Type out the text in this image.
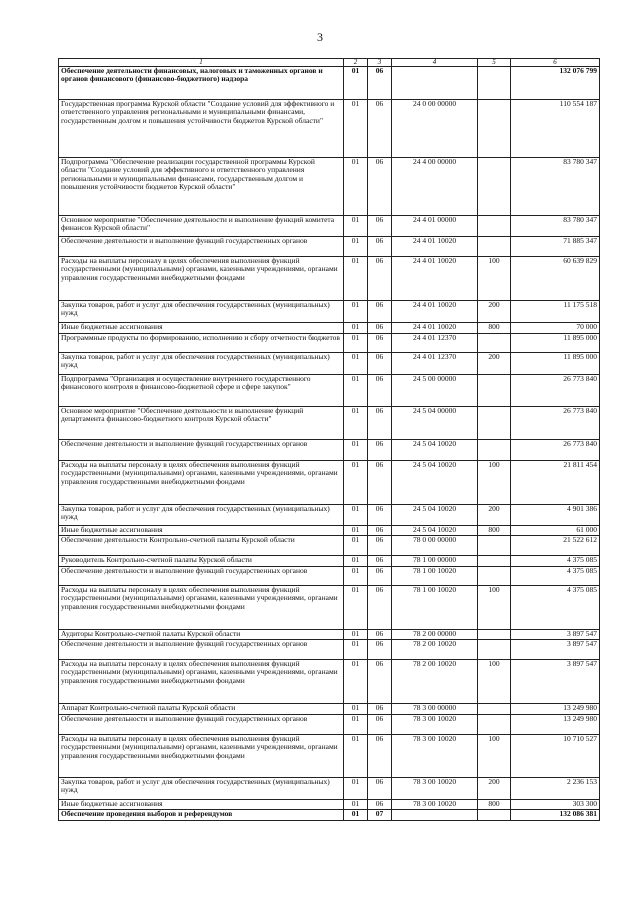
3
1	2	3	4	5	6
Обеспечение деятельности финансовых, налоговых и таможенных органов и органов финансового (финансово-бюджетного) надзора	01	06			132 076 799
Государственная программа Курской области "Создание условий для эффективного и ответственного управления региональными и муниципальными финансами, государственным долгом и повышения устойчивости бюджетов Курской области"	01	06	24 0 00 00000		110 554 187
Подпрограмма "Обеспечение реализации государственной программы Курской области "Создание условий для эффективного и ответственного управления региональными и муниципальными финансами, государственным долгом и повышения устойчивости бюджетов Курской области"	01	06	24 4 00 00000		83 780 347
Основное мероприятие "Обеспечение деятельности и выполнение функций комитета финансов Курской области"	01	06	24 4 01 00000		83 780 347
Обеспечение деятельности и выполнение функций государственных органов	01	06	24 4 01 10020		71 885 347
Расходы на выплаты персоналу в целях обеспечения выполнения функций государственными (муниципальными) органами, казенными учреждениями, органами управления государственными внебюджетными фондами	01	06	24 4 01 10020	100	60 639 829
Закупка товаров, работ и услуг для обеспечения государственных (муниципальных) нужд	01	06	24 4 01 10020	200	11 175 518
Иные бюджетные ассигнования	01	06	24 4 01 10020	800	70 000
Программные продукты по формированию, исполнению и сбору отчетности бюджетов	01	06	24 4 01 12370		11 895 000
Закупка товаров, работ и услуг для обеспечения государственных (муниципальных) нужд	01	06	24 4 01 12370	200	11 895 000
Подпрограмма "Организация и осуществление внутреннего государственного финансового контроля в финансово-бюджетной сфере и сфере закупок"	01	06	24 5 00 00000		26 773 840
Основное мероприятие "Обеспечение деятельности и выполнение функций департамента финансово-бюджетного контроля Курской области"	01	06	24 5 04 00000		26 773 840
Обеспечение деятельности и выполнение функций государственных органов	01	06	24 5 04 10020		26 773 840
Расходы на выплаты персоналу в целях обеспечения выполнения функций государственными (муниципальными) органами, казенными учреждениями, органами управления государственными внебюджетными фондами	01	06	24 5 04 10020	100	21 811 454
Закупка товаров, работ и услуг для обеспечения государственных (муниципальных) нужд	01	06	24 5 04 10020	200	4 901 386
Иные бюджетные ассигнования	01	06	24 5 04 10020	800	61 000
Обеспечение деятельности Контрольно-счетной палаты Курской области	01	06	78 0 00 00000		21 522 612
Руководитель Контрольно-счетной палаты Курской области	01	06	78 1 00 00000		4 375 085
Обеспечение деятельности и выполнение функций государственных органов	01	06	78 1 00 10020		4 375 085
Расходы на выплаты персоналу в целях обеспечения выполнения функций государственными (муниципальными) органами, казенными учреждениями, органами управления государственными внебюджетными фондами	01	06	78 1 00 10020	100	4 375 085
Аудиторы Контрольно-счетной палаты Курской области	01	06	78 2 00 00000		3 897 547
Обеспечение деятельности и выполнение функций государственных органов	01	06	78 2 00 10020		3 897 547
Расходы на выплаты персоналу в целях обеспечения выполнения функций государственными (муниципальными) органами, казенными учреждениями, органами управления государственными внебюджетными фондами	01	06	78 2 00 10020	100	3 897 547
Аппарат Контрольно-счетной палаты Курской области	01	06	78 3 00 00000		13 249 980
Обеспечение деятельности и выполнение функций государственных органов	01	06	78 3 00 10020		13 249 980
Расходы на выплаты персоналу в целях обеспечения выполнения функций государственными (муниципальными) органами, казенными учреждениями, органами управления государственными внебюджетными фондами	01	06	78 3 00 10020	100	10 710 527
Закупка товаров, работ и услуг для обеспечения государственных (муниципальных) нужд	01	06	78 3 00 10020	200	2 236 153
Иные бюджетные ассигнования	01	06	78 3 00 10020	800	303 300
Обеспечение проведения выборов и референдумов	01	07			132 086 381
